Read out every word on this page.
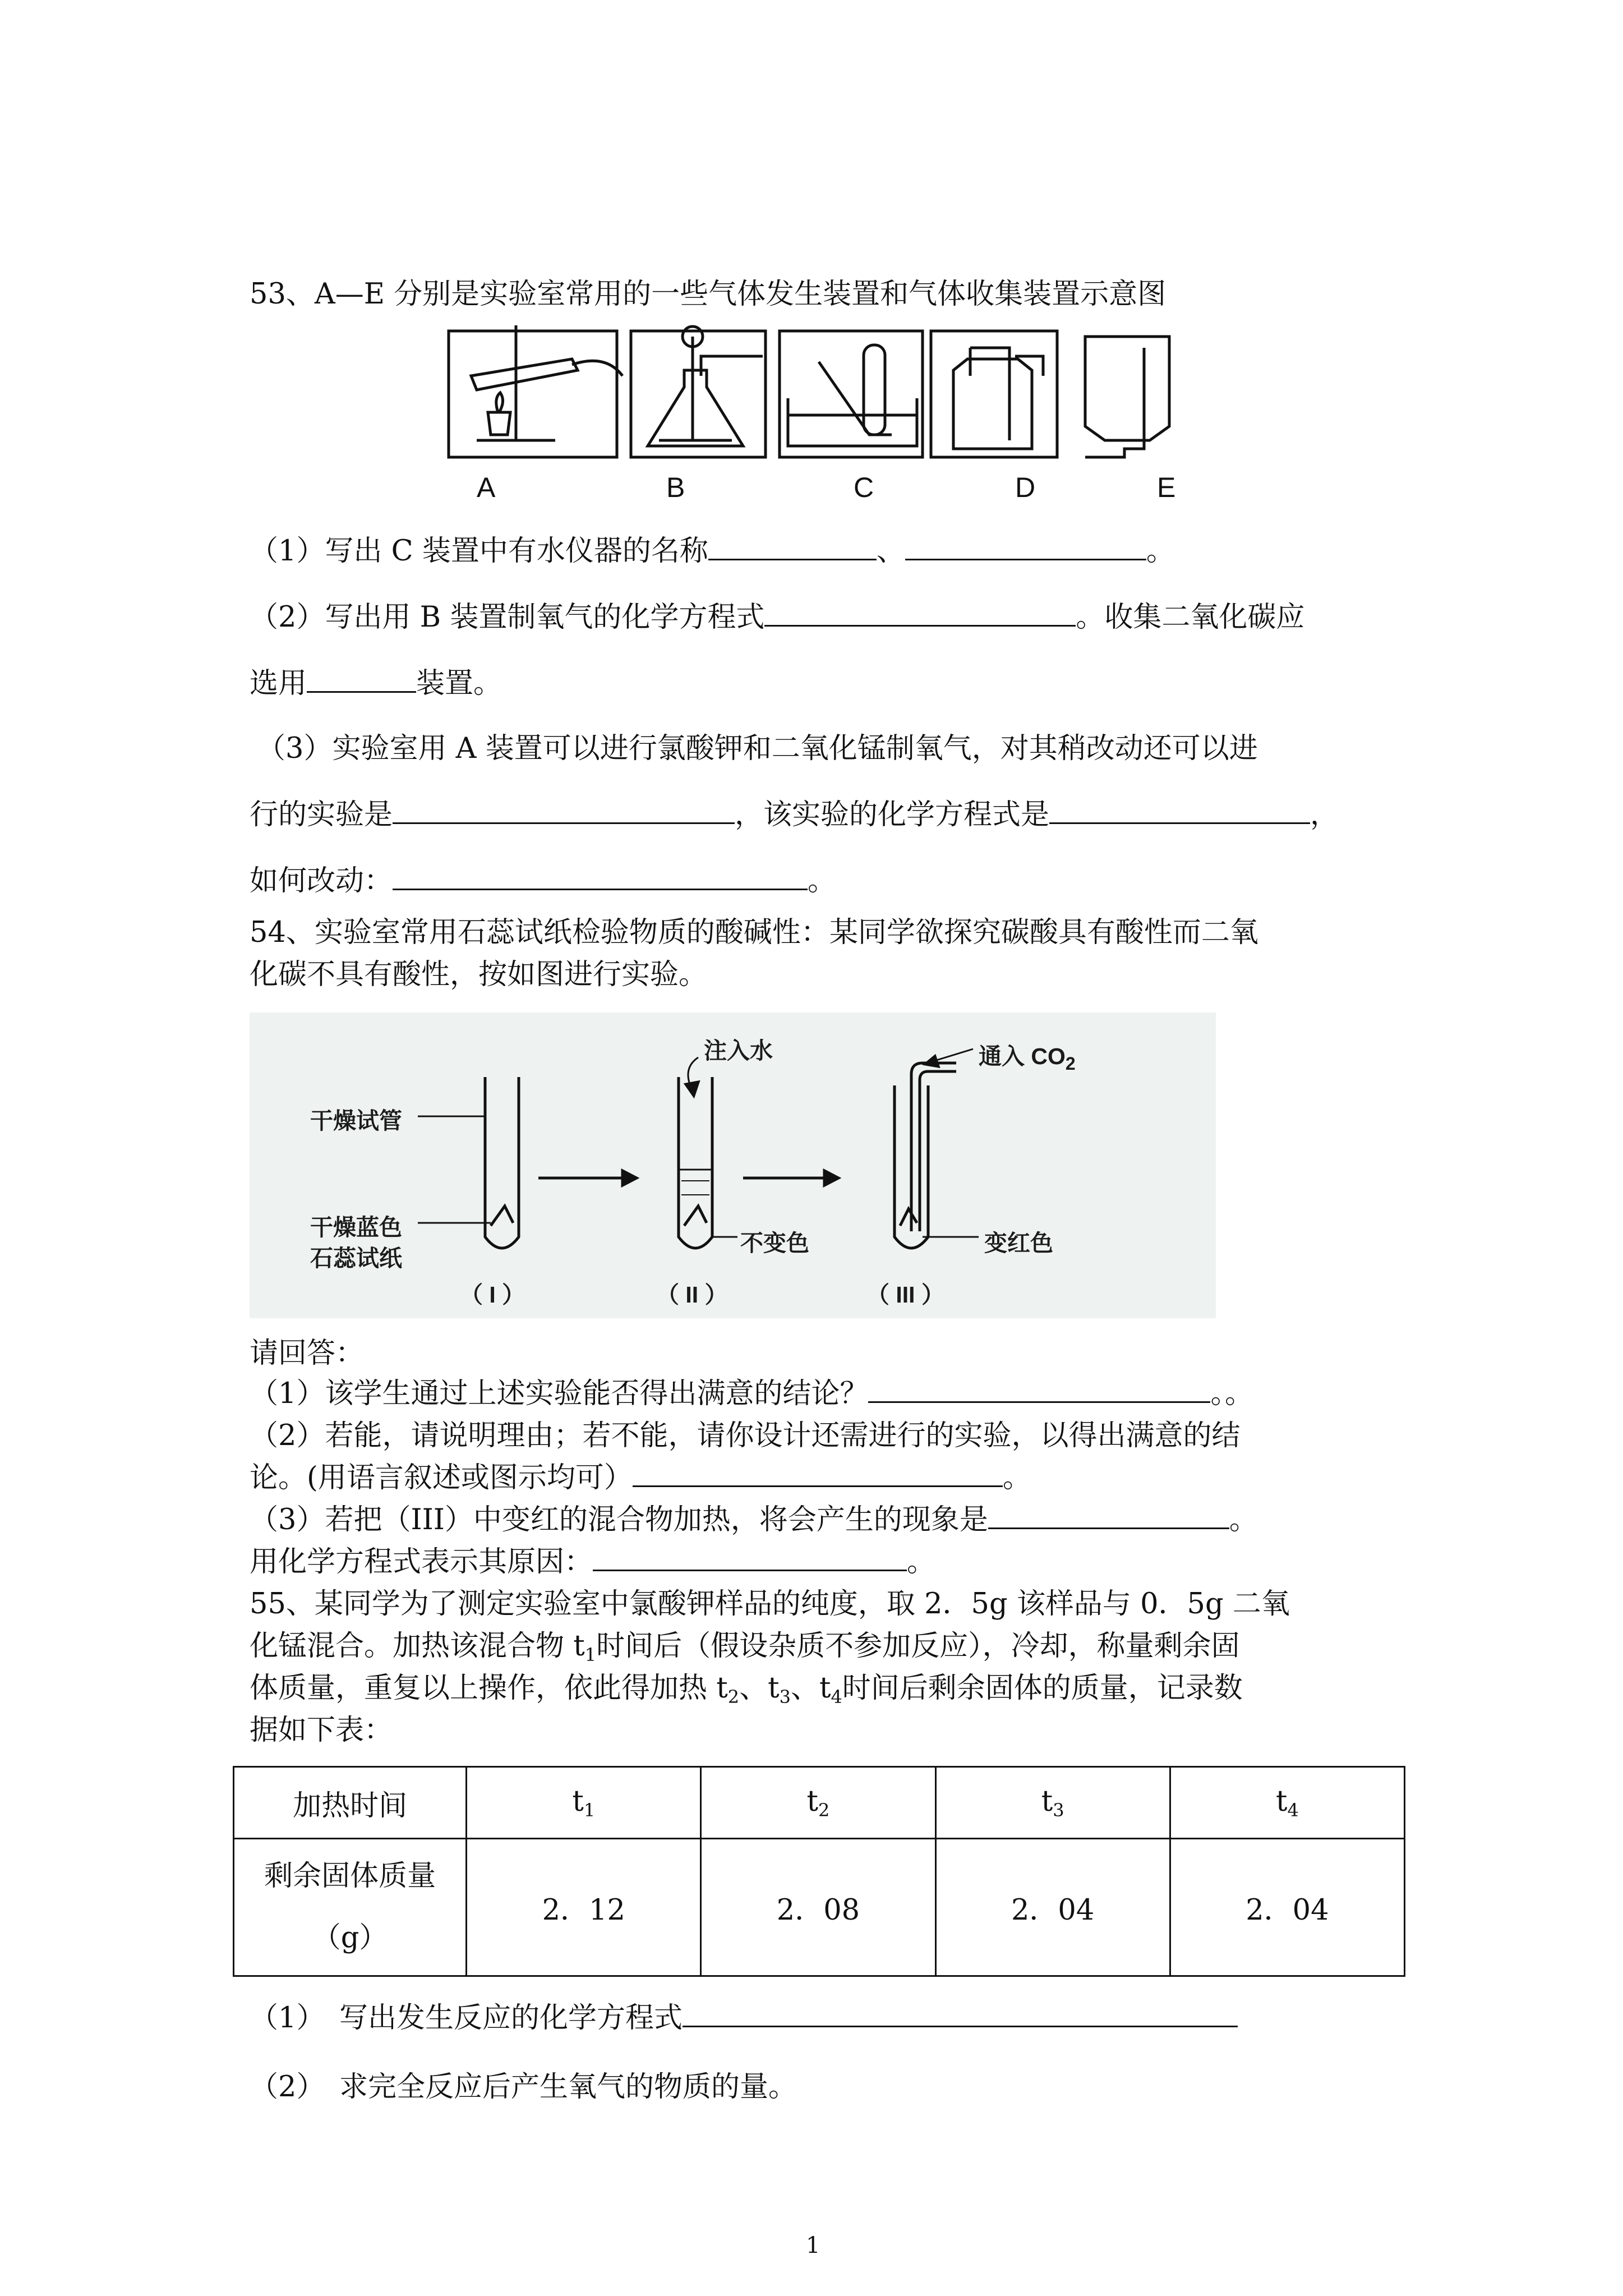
53、A—E 分别是实验室常用的一些气体发生装置和气体收集装置示意图
A	B	C	D	E
（1）写出 C 装置中有水仪器的名称	、	。
（2）写出用 B 装置制氧气的化学方程式	。收集二氧化碳应
选用	装置。
（3）实验室用 A 装置可以进行氯酸钾和二氧化锰制氧气，对其稍改动还可以进
行的实验是	，该实验的化学方程式是	，
如何改动：	。
54、实验室常用石蕊试纸检验物质的酸碱性：某同学欲探究碳酸具有酸性而二氧
化碳不具有酸性，按如图进行实验。
干燥试管
干燥蓝色
石蕊试纸
注入水
不变色
通入 $CO_2$
变红色
（ I ）	（ II ）	（ III ）
请回答：
（1）该学生通过上述实验能否得出满意的结论？	。。
（2）若能，请说明理由；若不能，请你设计还需进行的实验，以得出满意的结
论。(用语言叙述或图示均可）	。
（3）若把（III）中变红的混合物加热，将会产生的现象是	。
用化学方程式表示其原因：	。
55、某同学为了测定实验室中氯酸钾样品的纯度，取 2．5g 该样品与 0．5g 二氧
化锰混合。加热该混合物 $t_1$时间后（假设杂质不参加反应），冷却，称量剩余固
体质量，重复以上操作，依此得加热 $t_2$、$t_3$、$t_4$时间后剩余固体的质量，记录数
据如下表：
加热时间	$t_1$	$t_2$	$t_3$	$t_4$

剩余固体质量
（g）	2．12	2．08	2．04	2．04
（1）　写出发生反应的化学方程式
（2）　求完全反应后产生氧气的物质的量。
1
